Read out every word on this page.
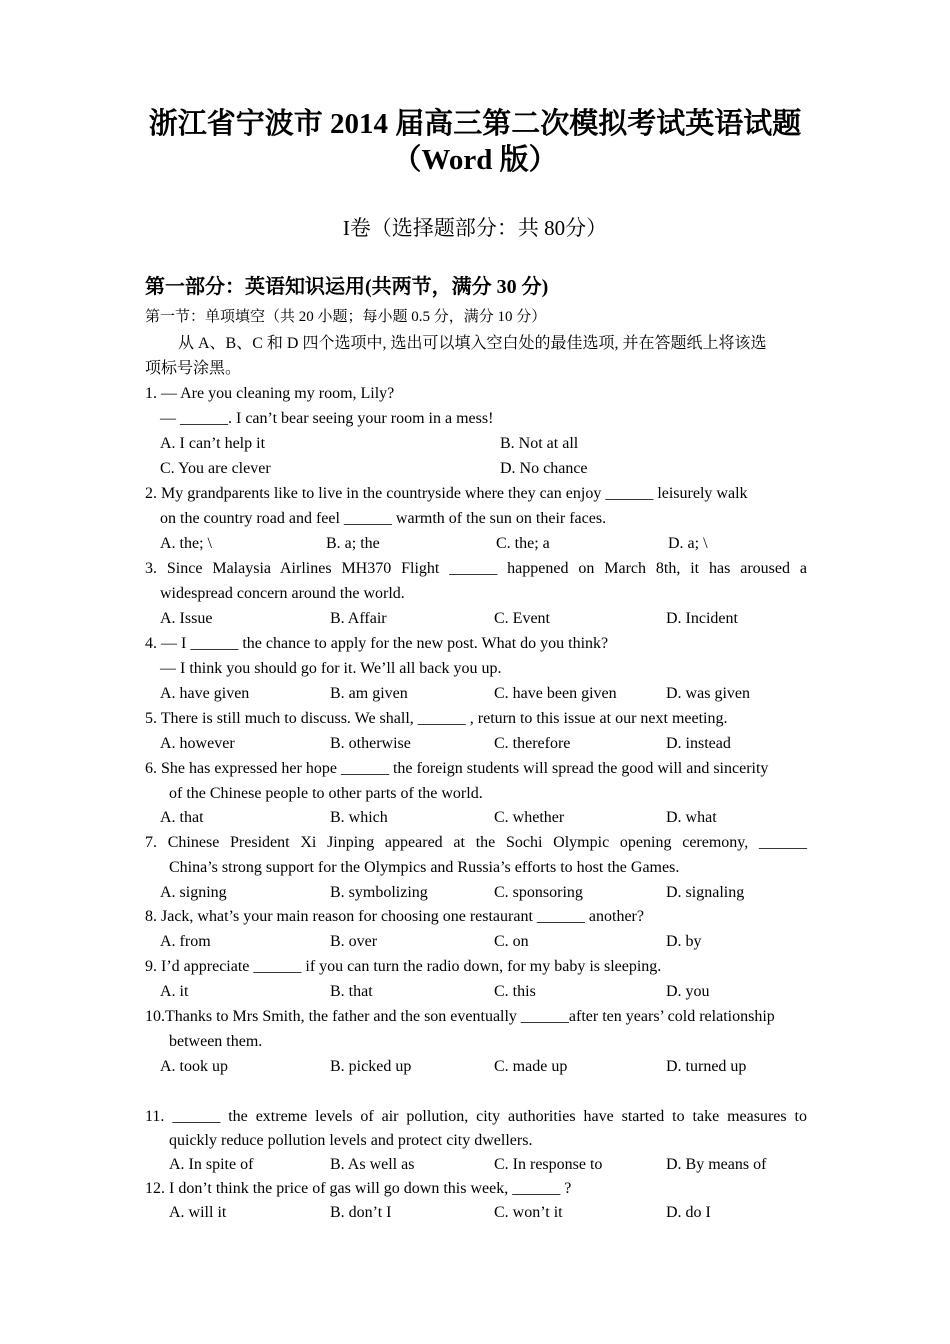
浙江省宁波市 2014 届高三第二次模拟考试英语试题
（Word 版）
I卷（选择题部分：共 80分）
第一部分：英语知识运用(共两节，满分 30 分)
第一节：单项填空（共 20 小题；每小题 0.5 分，满分 10 分）
从 A、B、C 和 D 四个选项中, 选出可以填入空白处的最佳选项, 并在答题纸上将该选
项标号涂黑。
1. — Are you cleaning my room, Lily?
— ______. I can’t bear seeing your room in a mess!
A. I can’t help it	B. Not at all
C. You are clever	D. No chance
2. My grandparents like to live in the countryside where they can enjoy ______ leisurely walk
on the country road and feel ______ warmth of the sun on their faces.
A. the; \	B. a; the	C. the; a	D. a; \
3. Since Malaysia Airlines MH370 Flight ______ happened on March 8th, it has aroused a
widespread concern around the world.
A. Issue	B. Affair	C. Event	D. Incident
4. — I ______ the chance to apply for the new post. What do you think?
— I think you should go for it. We’ll all back you up.
A. have given	B. am given	C. have been given	D. was given
5. There is still much to discuss. We shall, ______ , return to this issue at our next meeting.
A. however	B. otherwise	C. therefore	D. instead
6. She has expressed her hope ______ the foreign students will spread the good will and sincerity
of the Chinese people to other parts of the world.
A. that	B. which	C. whether	D. what
7. Chinese President Xi Jinping appeared at the Sochi Olympic opening ceremony, ______
China’s strong support for the Olympics and Russia’s efforts to host the Games.
A. signing	B. symbolizing	C. sponsoring	D. signaling
8. Jack, what’s your main reason for choosing one restaurant ______ another?
A. from	B. over	C. on	D. by
9. I’d appreciate ______ if you can turn the radio down, for my baby is sleeping.
A. it	B. that	C. this	D. you
10.Thanks to Mrs Smith, the father and the son eventually ______after ten years’ cold relationship
between them.
A. took up	B. picked up	C. made up	D. turned up
11. ______ the extreme levels of air pollution, city authorities have started to take measures to
quickly reduce pollution levels and protect city dwellers.
A. In spite of	B. As well as	C. In response to	D. By means of
12. I don’t think the price of gas will go down this week, ______ ?
A. will it	B. don’t I	C. won’t it	D. do I
